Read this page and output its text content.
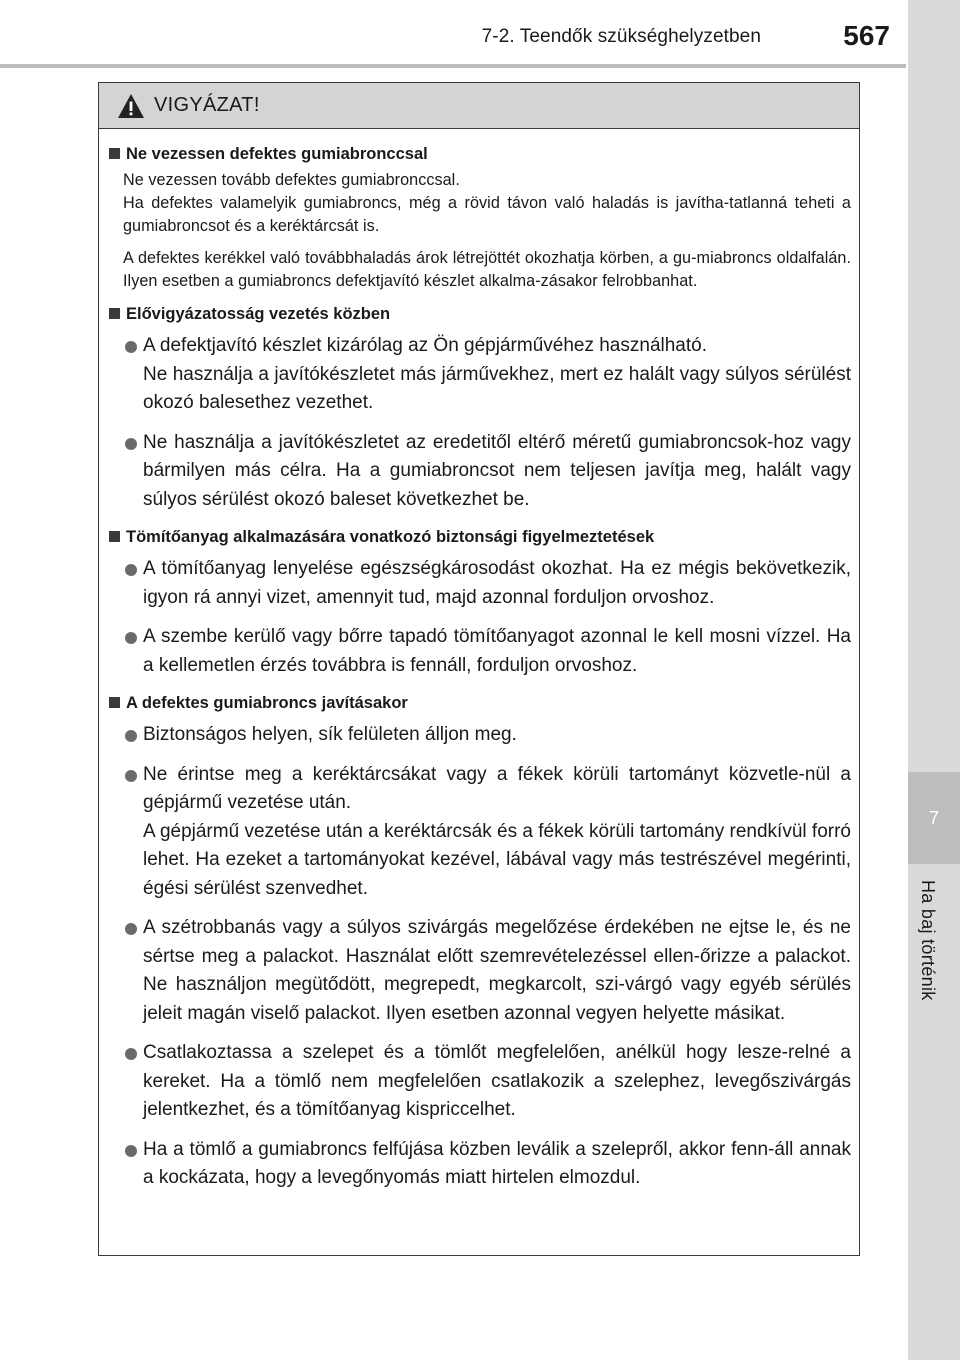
7-2. Teendők szükséghelyzetben	567
7
Ha baj történik
VIGYÁZAT!
Ne vezessen defektes gumiabronccsal

Ne vezessen tovább defektes gumiabronccsal.
Ha defektes valamelyik gumiabroncs, még a rövid távon való haladás is javítha-tatlanná teheti a gumiabroncsot és a keréktárcsát is.

A defektes kerékkel való továbbhaladás árok létrejöttét okozhatja körben, a gu-miabroncs oldalfalán. Ilyen esetben a gumiabroncs defektjavító készlet alkalma-zásakor felrobbanhat.

Elővigyázatosság vezetés közben
A defektjavító készlet kizárólag az Ön gépjárművéhez használható.
Ne használja a javítókészletet más járművekhez, mert ez halált vagy súlyos sérülést okozó balesethez vezethet.
Ne használja a javítókészletet az eredetitől eltérő méretű gumiabroncsok-hoz vagy bármilyen más célra. Ha a gumiabroncsot nem teljesen javítja meg, halált vagy súlyos sérülést okozó baleset következhet be.
Tömítőanyag alkalmazására vonatkozó biztonsági figyelmeztetések
A tömítőanyag lenyelése egészségkárosodást okozhat. Ha ez mégis bekövetkezik, igyon rá annyi vizet, amennyit tud, majd azonnal forduljon orvoshoz.
A szembe kerülő vagy bőrre tapadó tömítőanyagot azonnal le kell mosni vízzel. Ha a kellemetlen érzés továbbra is fennáll, forduljon orvoshoz.
A defektes gumiabroncs javításakor
Biztonságos helyen, sík felületen álljon meg.
Ne érintse meg a keréktárcsákat vagy a fékek körüli tartományt közvetle-nül a gépjármű vezetése után.
A gépjármű vezetése után a keréktárcsák és a fékek körüli tartomány rendkívül forró lehet. Ha ezeket a tartományokat kezével, lábával vagy más testrészével megérinti, égési sérülést szenvedhet.
A szétrobbanás vagy a súlyos szivárgás megelőzése érdekében ne ejtse le, és ne sértse meg a palackot. Használat előtt szemrevételezéssel ellen-őrizze a palackot. Ne használjon megütődött, megrepedt, megkarcolt, szi-várgó vagy egyéb sérülés jeleit magán viselő palackot. Ilyen esetben azonnal vegyen helyette másikat.
Csatlakoztassa a szelepet és a tömlőt megfelelően, anélkül hogy lesze-relné a kereket. Ha a tömlő nem megfelelően csatlakozik a szelephez, levegőszivárgás jelentkezhet, és a tömítőanyag kispriccelhet.
Ha a tömlő a gumiabroncs felfújása közben leválik a szelepről, akkor fenn-áll annak a kockázata, hogy a levegőnyomás miatt hirtelen elmozdul.
